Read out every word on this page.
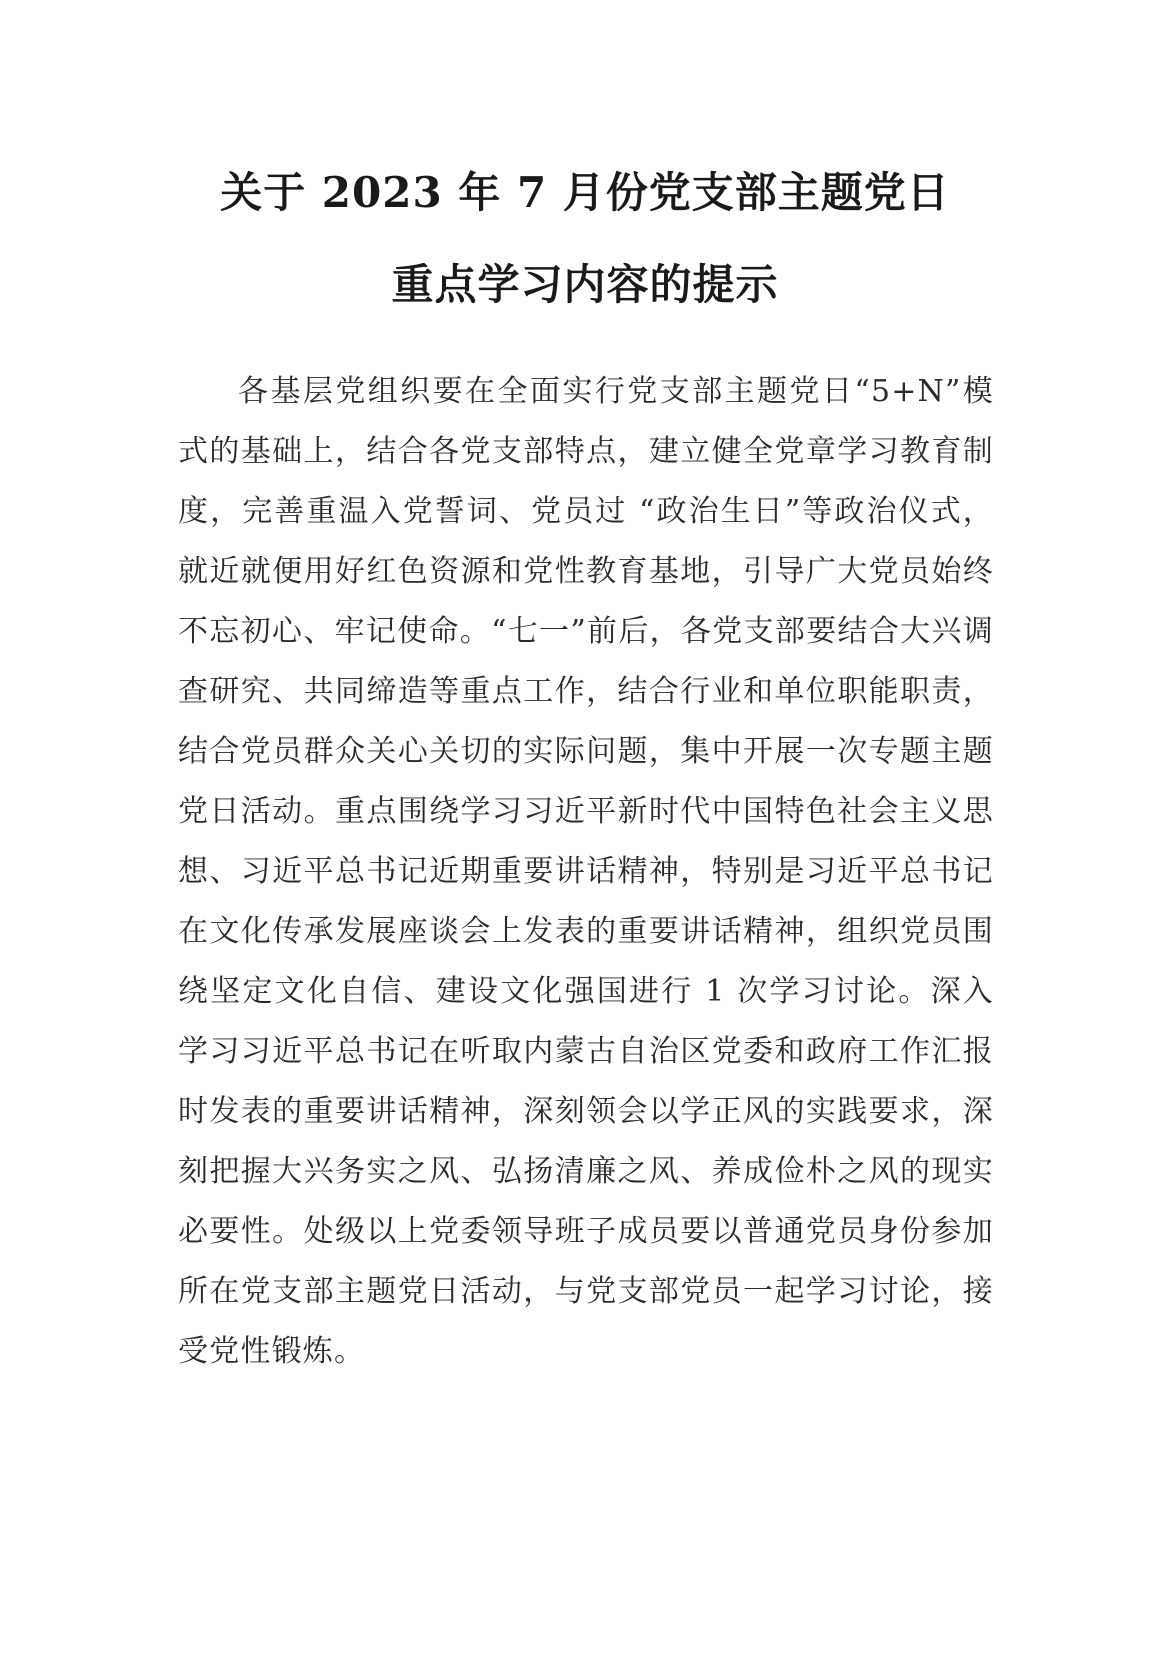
关于 2023 年 7 月份党支部主题党日
重点学习内容的提示

各基层党组织要在全面实行党支部主题党日“5+N”模式的基础上，结合各党支部特点，建立健全党章学习教育制度，完善重温入党誓词、党员过 “政治生日”等政治仪式，就近就便用好红色资源和党性教育基地，引导广大党员始终不忘初心、牢记使命。“七一”前后，各党支部要结合大兴调查研究、共同缔造等重点工作，结合行业和单位职能职责，结合党员群众关心关切的实际问题，集中开展一次专题主题党日活动。重点围绕学习习近平新时代中国特色社会主义思想、习近平总书记近期重要讲话精神，特别是习近平总书记在文化传承发展座谈会上发表的重要讲话精神，组织党员围绕坚定文化自信、建设文化强国进行 1 次学习讨论。深入学习习近平总书记在听取内蒙古自治区党委和政府工作汇报时发表的重要讲话精神，深刻领会以学正风的实践要求，深刻把握大兴务实之风、弘扬清廉之风、养成俭朴之风的现实必要性。处级以上党委领导班子成员要以普通党员身份参加所在党支部主题党日活动，与党支部党员一起学习讨论，接受党性锻炼。
